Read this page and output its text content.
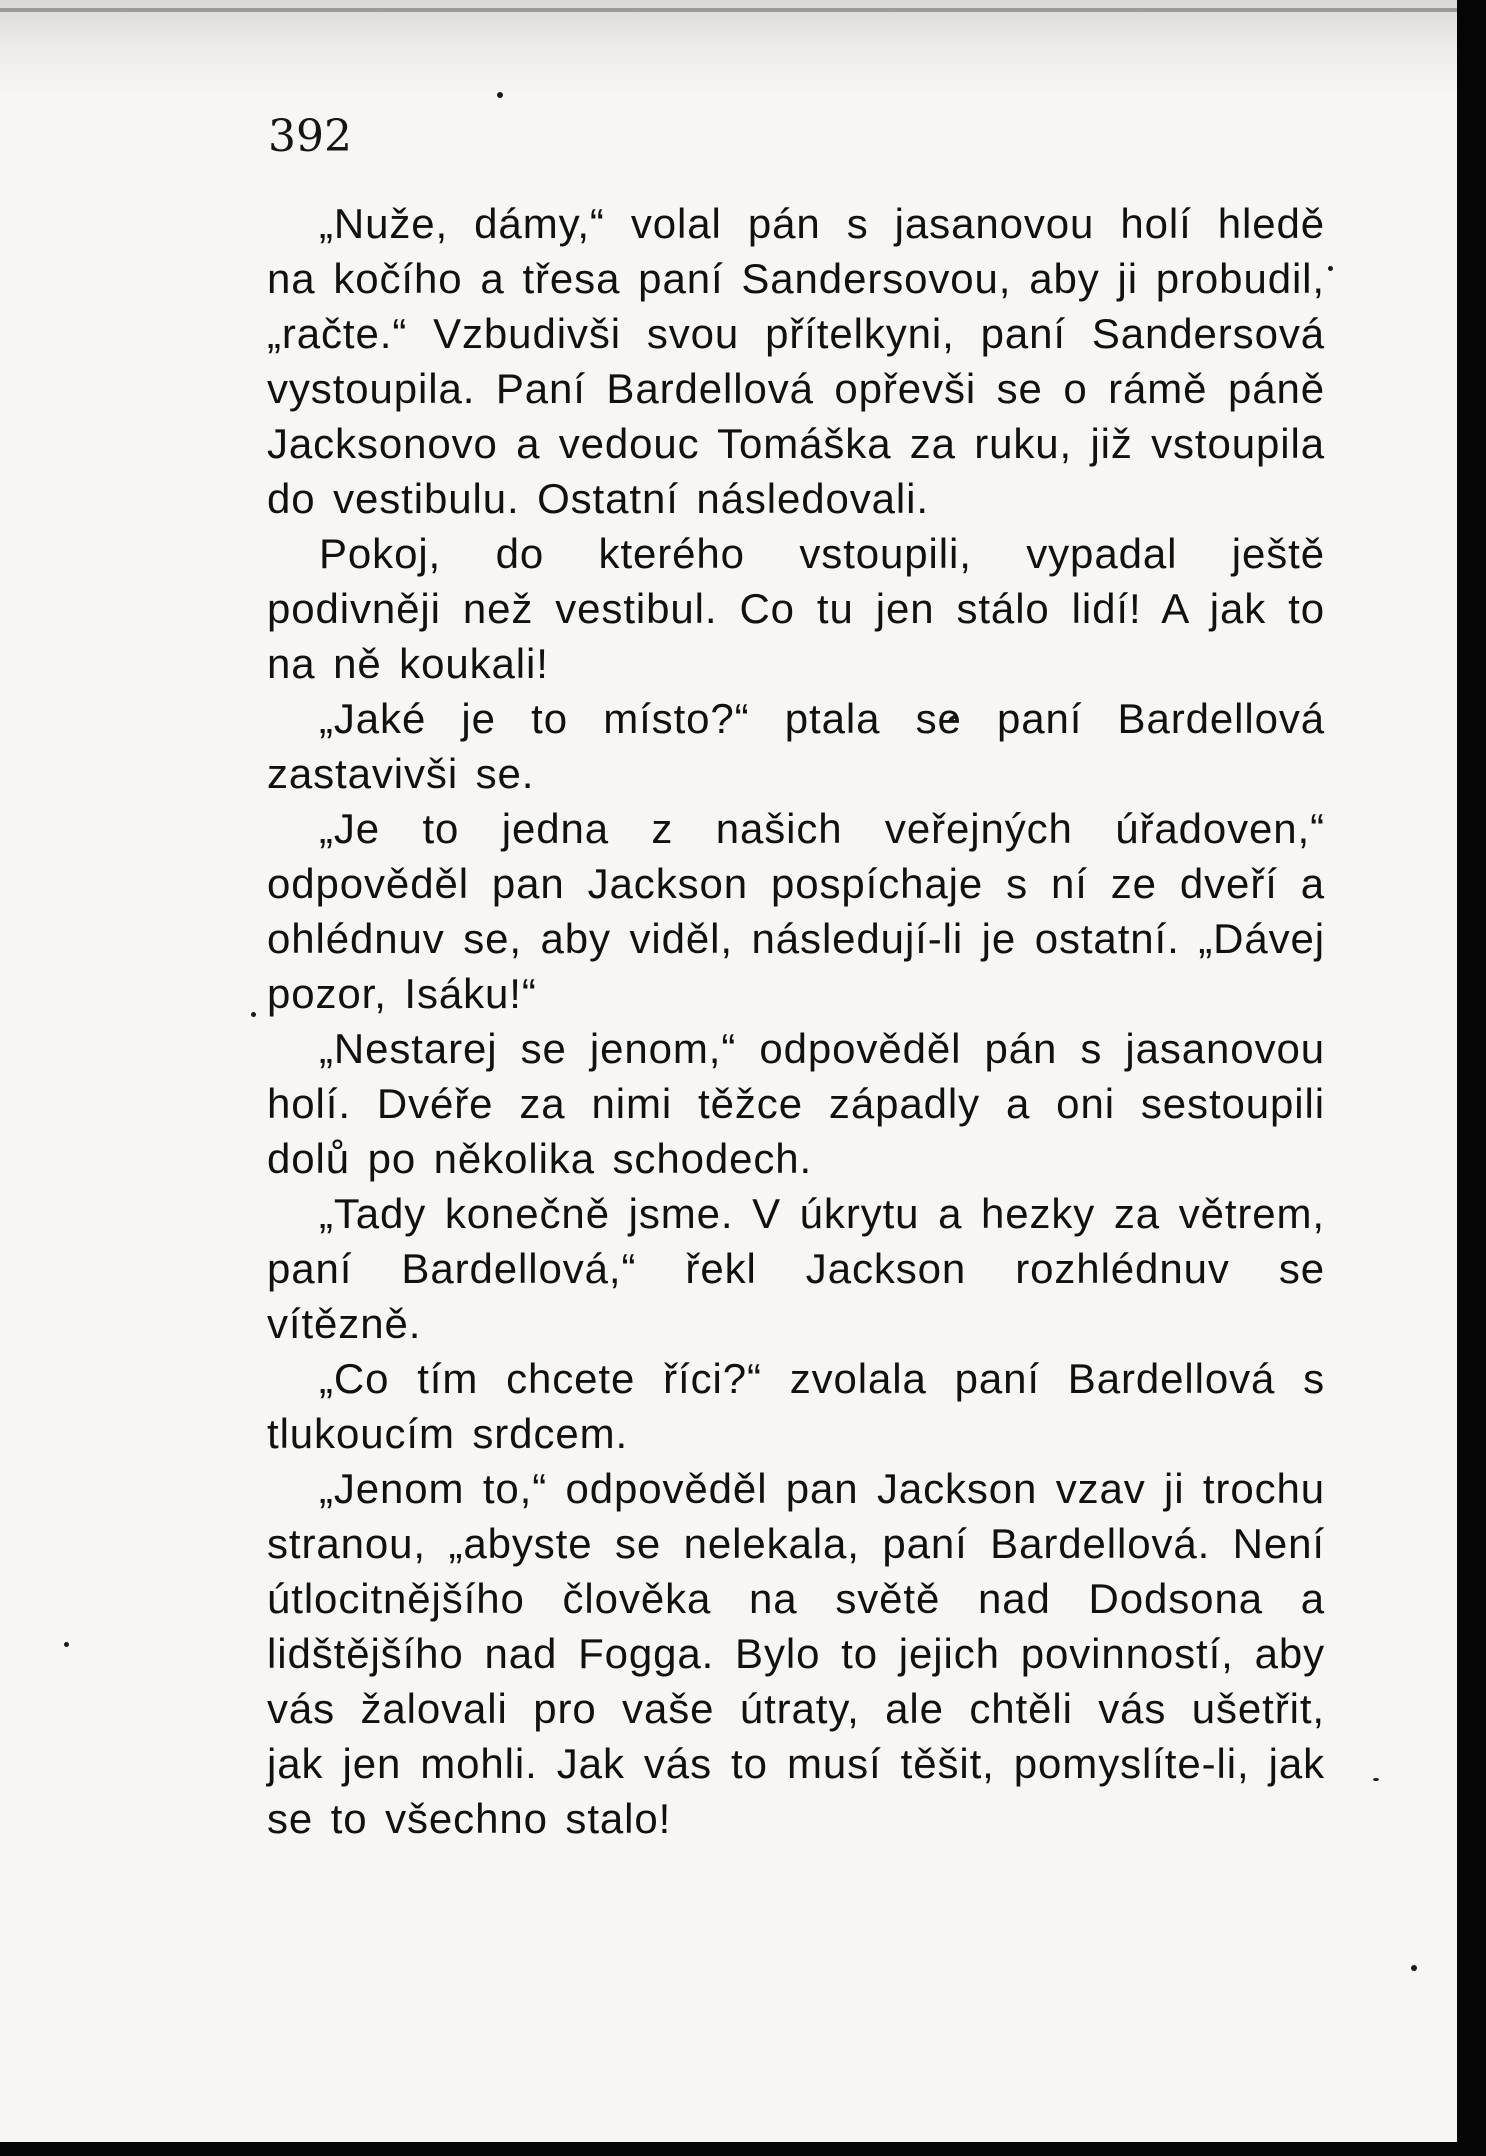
392

„Nuže, dámy,“ volal pán s jasanovou holí hledě na kočího a třesa paní Sandersovou, aby ji probudil, „račte.“ Vzbudivši svou přítelkyni, paní Sandersová vystoupila. Paní Bardellová opřevši se o rámě páně Jacksonovo a vedouc Tomáška za ruku, již vstoupila do vestibulu. Ostatní následovali.

Pokoj, do kterého vstoupili, vypadal ještě podivněji než vestibul. Co tu jen stálo lidí! A jak to na ně koukali!

„Jaké je to místo?“ ptala se paní Bardellová zastavivši se.

„Je to jedna z našich veřejných úřadoven,“ odpověděl pan Jackson pospíchaje s ní ze dveří a ohlédnuv se, aby viděl, následují-li je ostatní. „Dávej pozor, Isáku!“

„Nestarej se jenom,“ odpověděl pán s jasanovou holí. Dvéře za nimi těžce západly a oni sestoupili dolů po několika schodech.

„Tady konečně jsme. V úkrytu a hezky za větrem, paní Bardellová,“ řekl Jackson rozhlédnuv se vítězně.

„Co tím chcete říci?“ zvolala paní Bardellová s tlukoucím srdcem.

„Jenom to,“ odpověděl pan Jackson vzav ji trochu stranou, „abyste se nelekala, paní Bardellová. Není útlocitnějšího člověka na světě nad Dodsona a lidštějšího nad Fogga. Bylo to jejich povinností, aby vás žalovali pro vaše útraty, ale chtěli vás ušetřit, jak jen mohli. Jak vás to musí těšit, pomyslíte-li, jak se to všechno stalo!
